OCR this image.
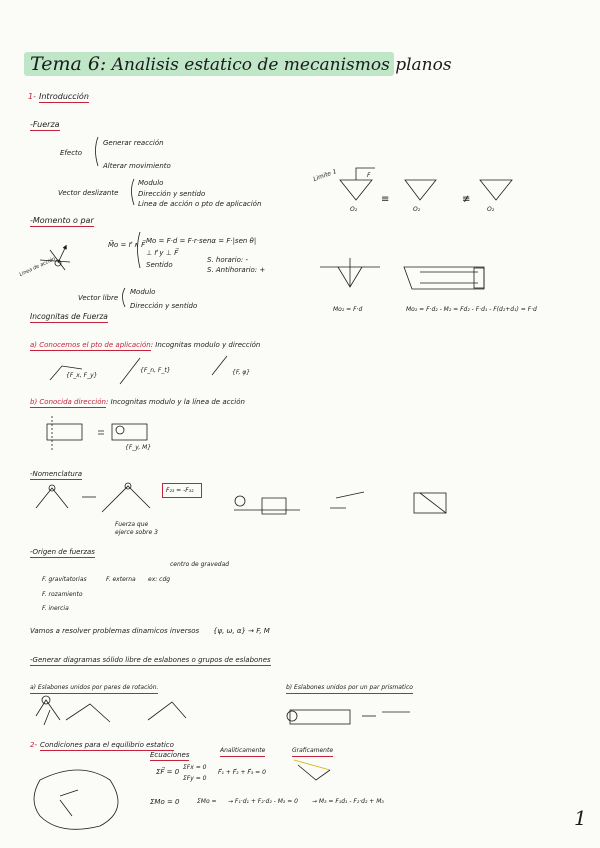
Tema 6: Analisis estatico de mecanismos planos
1- Introducción
-Fuerza
Efecto
Generar reacción
Alterar movimiento
Vector deslizante
Modulo
Dirección y sentido
Linea de acción o pto de aplicación
-Momento o par
M⃗o = r⃗ ∧ F⃗ Mo = F·d = F·r·senα = F·|sen θ|
⊥ r⃗ y ⊥ F⃗
Sentido
S. horario: -
S. Antihorario: +
Vector libre
Modulo
Dirección y sentido
Linea de acción
Incognitas de Fuerza
a) Conocemos el pto de aplicación: Incognitas modulo y dirección
{F_x, F_y}
{F_n, F_t}	{F, φ}
b) Conocida dirección: Incognitas modulo y la línea de acción
{F_y, M}
-Nomenclatura
Fuerza que ejerce sobre 3
F₂₃ = -F₃₂
-Origen de fuerzas
centro de gravedad
F. gravitatorias	F. externa ex: cdg
F. rozamiento
F. inercia
Vamos a resolver problemas dinamicos inversos {ψ, ω, α} → F, M
-Generar diagramas sólido libre de eslabones o grupos de eslabones
a) Eslabones unidos por pares de rotación.	b) Eslabones unidos por un par prismatico
2- Condiciones para el equilibrio estatico
Ecuaciones
Analiticamente	Graficamente
ΣF⃗ = 0
ΣFx = 0
ΣFy = 0
F⃗₁ + F⃗₂ + F⃗₃ = 0
ΣMo = 0	ΣMo = → F₁·d₁ + F₂·d₂ - M₃ = 0 → M₃ = F₁d₁ - F₂·d₂ + M₃
Limite 1	F
O₂
≡	≢
O₂	O₂
Mo₂ = F·d	Mo₂ = F·d₂ - M₂ = Fd₂ - F·d₁ - F(d₂+d₁) = F·d
1
